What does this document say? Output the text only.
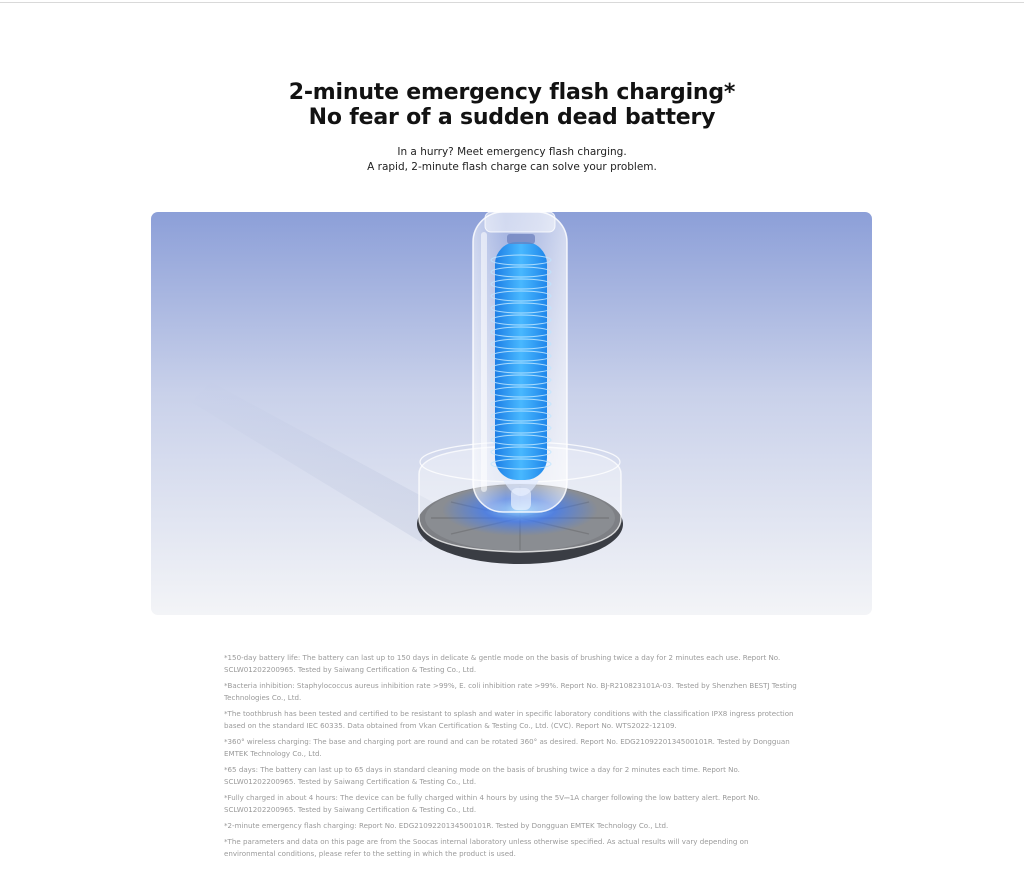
2-minute emergency flash charging*
No fear of a sudden dead battery
In a hurry? Meet emergency flash charging.
A rapid, 2-minute flash charge can solve your problem.

*150-day battery life: The battery can last up to 150 days in delicate & gentle mode on the basis of brushing twice a day for 2 minutes each use. Report No. SCLW01202200965. Tested by Saiwang Certification & Testing Co., Ltd.

*Bacteria inhibition: Staphylococcus aureus inhibition rate >99%, E. coli inhibition rate >99%. Report No. BJ-R210823101A-03. Tested by Shenzhen BESTJ Testing Technologies Co., Ltd.

*The toothbrush has been tested and certified to be resistant to splash and water in specific laboratory conditions with the classification IPX8 ingress protection based on the standard IEC 60335. Data obtained from Vkan Certification & Testing Co., Ltd. (CVC). Report No. WTS2022-12109.

*360° wireless charging: The base and charging port are round and can be rotated 360° as desired. Report No. EDG2109220134500101R. Tested by Dongguan EMTEK Technology Co., Ltd.

*65 days: The battery can last up to 65 days in standard cleaning mode on the basis of brushing twice a day for 2 minutes each time. Report No. SCLW01202200965. Tested by Saiwang Certification & Testing Co., Ltd.

*Fully charged in about 4 hours: The device can be fully charged within 4 hours by using the 5V⎓1A charger following the low battery alert. Report No. SCLW01202200965. Tested by Saiwang Certification & Testing Co., Ltd.

*2-minute emergency flash charging: Report No. EDG2109220134500101R. Tested by Dongguan EMTEK Technology Co., Ltd.

*The parameters and data on this page are from the Soocas internal laboratory unless otherwise specified. As actual results will vary depending on environmental conditions, please refer to the setting in which the product is used.
